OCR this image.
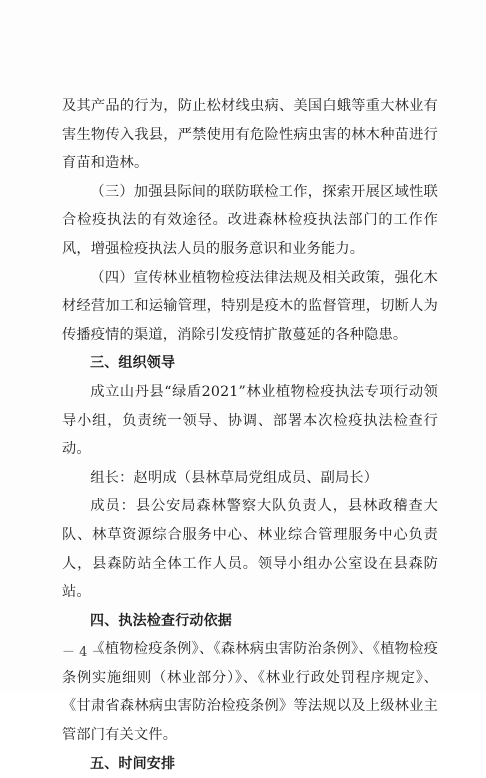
及其产品的行为，防止松材线虫病、美国白蛾等重大林业有害生物传入我县，严禁使用有危险性病虫害的林木种苗进行育苗和造林。

（三）加强县际间的联防联检工作，探索开展区域性联合检疫执法的有效途径。改进森林检疫执法部门的工作作风，增强检疫执法人员的服务意识和业务能力。

（四）宣传林业植物检疫法律法规及相关政策，强化木材经营加工和运输管理，特别是疫木的监督管理，切断人为传播疫情的渠道，消除引发疫情扩散蔓延的各种隐患。

三、组织领导

成立山丹县“绿盾2021”林业植物检疫执法专项行动领导小组，负责统一领导、协调、部署本次检疫执法检查行动。

组长：赵明成（县林草局党组成员、副局长）

成员：县公安局森林警察大队负责人，县林政稽查大队、林草资源综合服务中心、林业综合管理服务中心负责人，县森防站全体工作人员。领导小组办公室设在县森防站。

四、执法检查行动依据

《植物检疫条例》、《森林病虫害防治条例》、《植物检疫条例实施细则（林业部分）》、《林业行政处罚程序规定》、《甘肃省森林病虫害防治检疫条例》等法规以及上级林业主管部门有关文件。

五、时间安排

－ 4 －
